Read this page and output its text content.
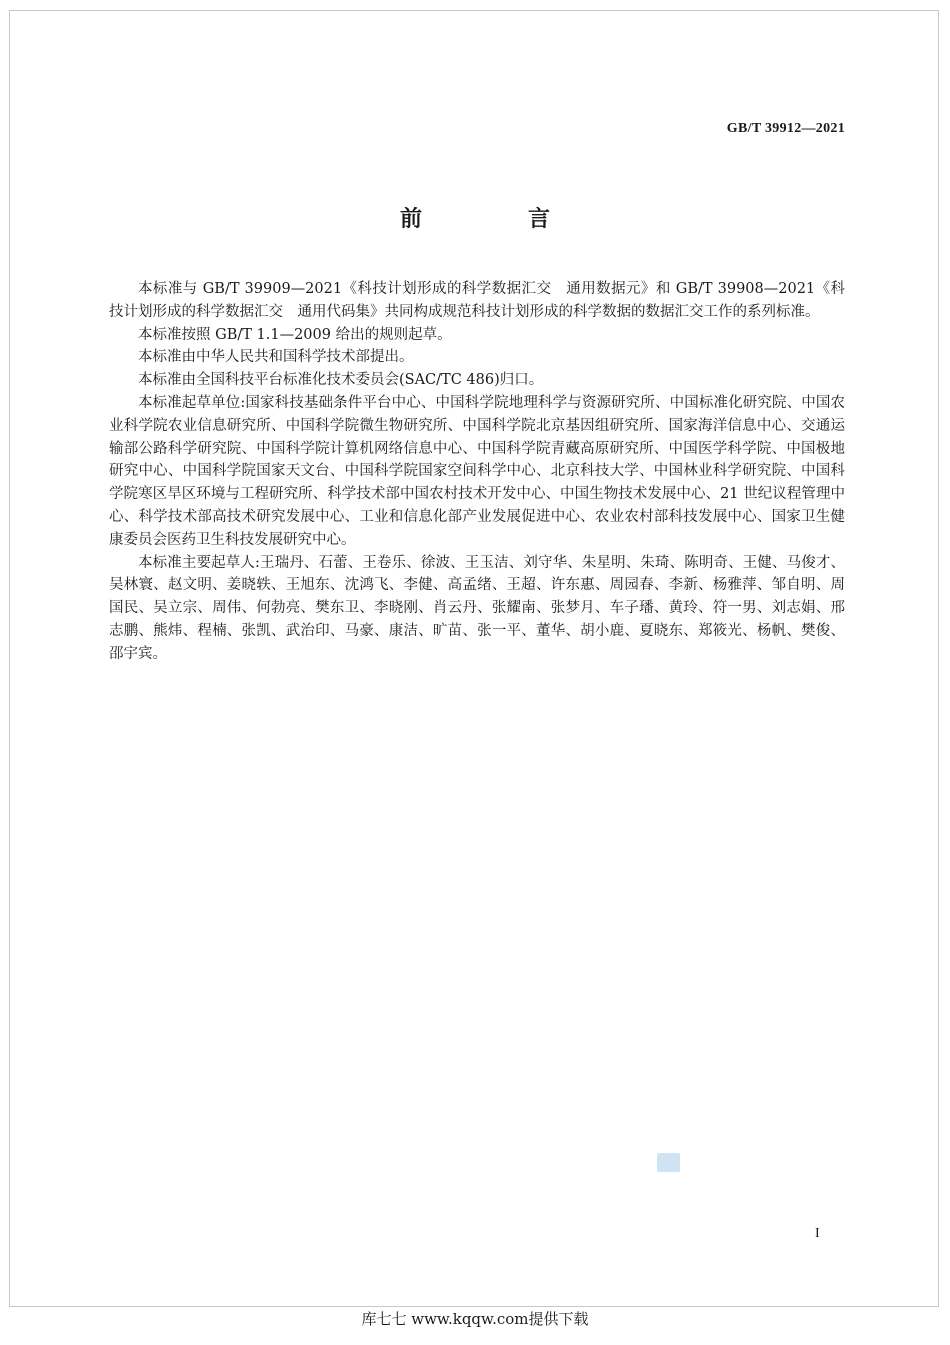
GB/T 39912—2021
前　言

本标准与 GB/T 39909—2021《科技计划形成的科学数据汇交　通用数据元》和 GB/T 39908—2021《科技计划形成的科学数据汇交　通用代码集》共同构成规范科技计划形成的科学数据的数据汇交工作的系列标准。

本标准按照 GB/T 1.1—2009 给出的规则起草。

本标准由中华人民共和国科学技术部提出。

本标准由全国科技平台标准化技术委员会(SAC/TC 486)归口。

本标准起草单位:国家科技基础条件平台中心、中国科学院地理科学与资源研究所、中国标准化研究院、中国农业科学院农业信息研究所、中国科学院微生物研究所、中国科学院北京基因组研究所、国家海洋信息中心、交通运输部公路科学研究院、中国科学院计算机网络信息中心、中国科学院青藏高原研究所、中国医学科学院、中国极地研究中心、中国科学院国家天文台、中国科学院国家空间科学中心、北京科技大学、中国林业科学研究院、中国科学院寒区旱区环境与工程研究所、科学技术部中国农村技术开发中心、中国生物技术发展中心、21 世纪议程管理中心、科学技术部高技术研究发展中心、工业和信息化部产业发展促进中心、农业农村部科技发展中心、国家卫生健康委员会医药卫生科技发展研究中心。

本标准主要起草人:王瑞丹、石蕾、王卷乐、徐波、王玉洁、刘守华、朱星明、朱琦、陈明奇、王健、马俊才、吴林寰、赵文明、姜晓轶、王旭东、沈鸿飞、李健、高孟绪、王超、许东惠、周园春、李新、杨雅萍、邹自明、周国民、吴立宗、周伟、何勃亮、樊东卫、李晓刚、肖云丹、张耀南、张梦月、车子璠、黄玲、符一男、刘志娟、邢志鹏、熊炜、程楠、张凯、武治印、马豪、康洁、旷苗、张一平、董华、胡小鹿、夏晓东、郑筱光、杨帆、樊俊、邵宇宾。

I
库七七 www.kqqw.com提供下载
